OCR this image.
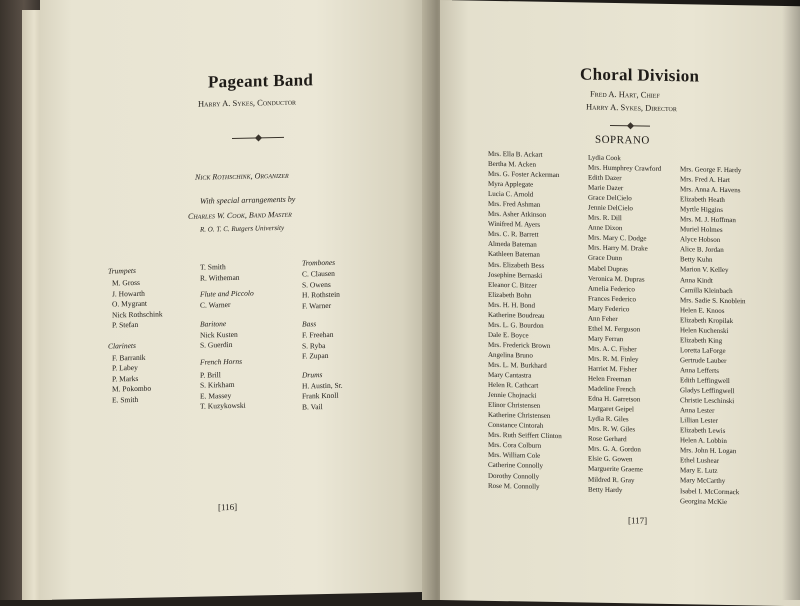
Pageant Band
Harry A. Sykes, Conductor
Nick Rothschink, Organizer
With special arrangements by
Charles W. Cook, Band Master
R. O. T. C. Rutgers University
Trumpets
M. Gross
J. Howarth
O. Mygrant
Nick Rothschink
P. Stefan
Clarinets
F. Barranik
P. Labey
P. Marks
M. Pokombo
E. Smith
T. Smith
R. Witheman
Flute and Piccolo
C. Warner
Baritone
Nick Kusten
S. Guerdin
French Horns
P. Brill
S. Kirkham
E. Massey
T. Kuzykowski
Trombones
C. Clausen
S. Owens
H. Rothstein
F. Warner
Bass
F. Freehan
S. Ryba
F. Zupan
Drums
H. Austin, Sr.
Frank Knoll
B. Vail
[116]
Choral Division
Fred A. Hart, Chief
Harry A. Sykes, Director
SOPRANO
Mrs. Ella B. Ackart
Bertha M. Acken
Mrs. G. Foster Ackerman
Myra Applegate
Lucia C. Arnold
Mrs. Fred Ashman
Mrs. Asher Atkinson
Winifred M. Ayers
Mrs. C. R. Barrett
Almeda Bateman
Kathleen Bateman
Mrs. Elizabeth Bess
Josephine Bernaski
Eleanor C. Bitzer
Elizabeth Bohn
Mrs. H. H. Bond
Katherine Boudreau
Mrs. L. G. Bourdon
Dale E. Boyce
Mrs. Frederick Brown
Angelina Bruno
Mrs. L. M. Burkhard
Mary Cantastra
Helen R. Cathcart
Jennie Chojnacki
Elinor Christensen
Katherine Christensen
Constance Cintorah
Mrs. Ruth Seiffert Clinton
Mrs. Cora Colburn
Mrs. William Cole
Catherine Connolly
Dorothy Connolly
Rose M. Connolly
Lydia Cook
Mrs. Humphrey Crawford
Edith Dazer
Marie Dazer
Grace DelCielo
Jennie DelCielo
Mrs. R. Dill
Anne Dixon
Mrs. Mary C. Dodge
Mrs. Harry M. Drake
Grace Dunn
Mabel Dupras
Veronica M. Dupras
Amelia Federico
Frances Federico
Mary Federico
Ann Feher
Ethel M. Ferguson
Mary Ferran
Mrs. A. C. Fisher
Mrs. R. M. Finley
Harriet M. Fisher
Helen Freeman
Madeline French
Edna H. Garretson
Margaret Geipel
Lydia R. Giles
Mrs. R. W. Giles
Rose Gerhard
Mrs. G. A. Gordon
Elsie G. Gowen
Marguerite Graeme
Mildred R. Gray
Betty Hardy
Mrs. George F. Hardy
Mrs. Fred A. Hart
Mrs. Anna A. Havens
Elizabeth Heath
Myrtle Higgins
Mrs. M. J. Hoffman
Muriel Holmes
Alyce Hobson
Alice B. Jordan
Betty Kuhn
Marion V. Kelley
Anna Kindt
Camilla Kleinbach
Mrs. Sadie S. Knoblein
Helen E. Knoos
Elizabeth Kropilak
Helen Kuchenski
Elizabeth King
Loretta LaForge
Gertrude Lauber
Anna Lefferts
Edith Leffingwell
Gladys Leffingwell
Christie Leschinski
Anna Lester
Lillian Lester
Elizabeth Lewis
Helen A. Lobbin
Mrs. John H. Logan
Ethel Lushear
Mary E. Lutz
Mary McCarthy
Isabel I. McCormack
Georgina McKie
[117]
